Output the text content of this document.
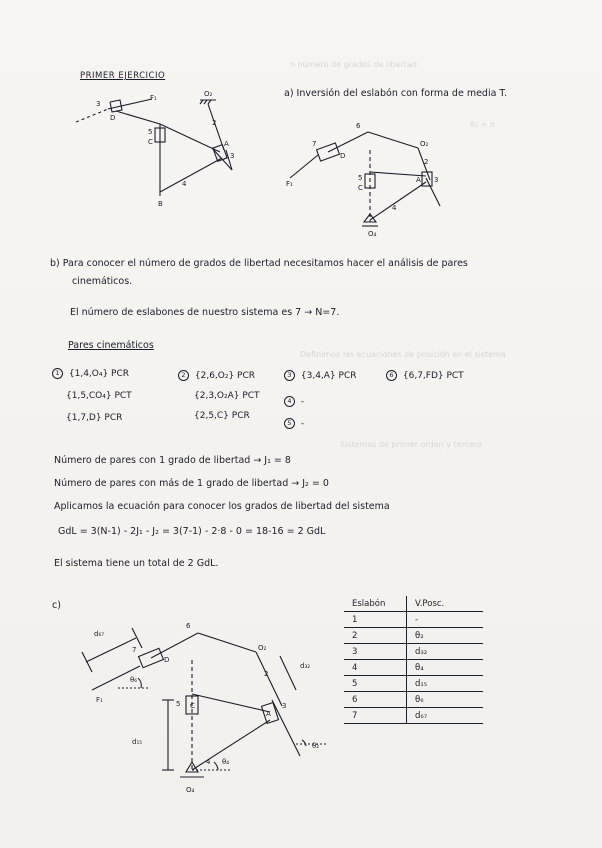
n número de grados de libertad
θ₂ + π
Definimos las ecuaciones de posición en el sistema
Sistemas de primer orden y tercero
PRIMER EJERCICIO
a) Inversión del eslabón con forma de media T.
F₁	O₂
D
C	A
B
3
5
2
3
4
O₂
O₄
F₁
D
C
A
2
3
4
5
6
7
b) Para conocer el número de grados de libertad necesitamos hacer el análisis de pares
cinemáticos.
El número de eslabones de nuestro sistema es 7 → N=7.
Pares cinemáticos
1 {1,4,O₄} PCR
{1,5,CO₄} PCT
{1,7,D} PCR
2 {2,6,O₂} PCR
{2,3,O₂A} PCT
{2,5,C} PCR
3 {3,4,A} PCR
4 -
5 -
6 {6,7,FD} PCT
Número de pares con 1 grado de libertad → J₁ = 8
Número de pares con más de 1 grado de libertad → J₂ = 0
Aplicamos la ecuación para conocer los grados de libertad del sistema
GdL = 3(N-1) - 2J₁ - J₂ = 3(7-1) - 2·8 - 0 = 18-16 = 2 GdL
El sistema tiene un total de 2 GdL.
c)
d₆₇
d₃₂
d₁₅
θ₆
θ₄
θ₂
O₂
O₄
F₁
D
C
A
2
3
4
5
6
7
Eslabón	V.Posc.
1	-
2	θ₂
3	d₃₂
4	θ₄
5	d₁₅
6	θ₆
7	d₆₇
